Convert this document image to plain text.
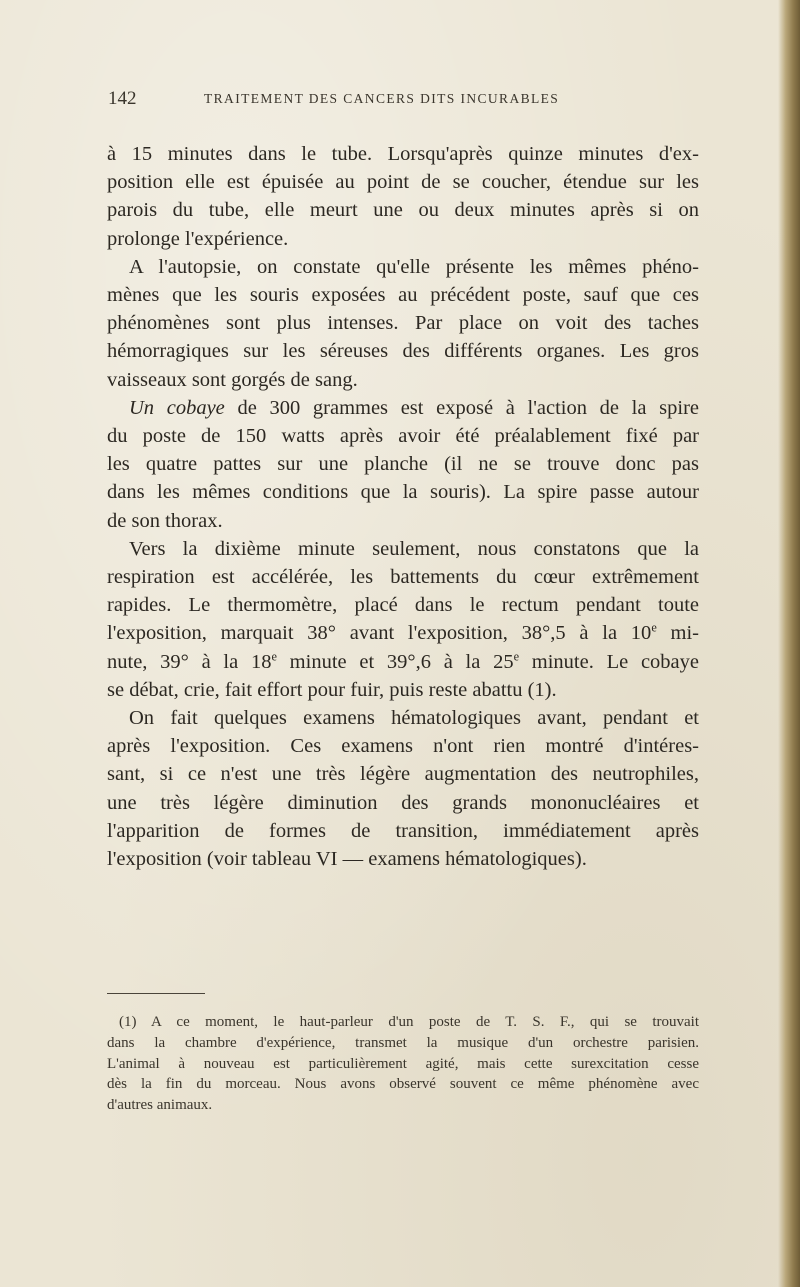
142	TRAITEMENT DES CANCERS DITS INCURABLES
à 15 minutes dans le tube. Lorsqu'après quinze minutes d'ex-
position elle est épuisée au point de se coucher, étendue sur les
parois du tube, elle meurt une ou deux minutes après si on
prolonge l'expérience.
A l'autopsie, on constate qu'elle présente les mêmes phéno-
mènes que les souris exposées au précédent poste, sauf que ces
phénomènes sont plus intenses. Par place on voit des taches
hémorragiques sur les séreuses des différents organes. Les gros
vaisseaux sont gorgés de sang.
Un cobaye de 300 grammes est exposé à l'action de la spire
du poste de 150 watts après avoir été préalablement fixé par
les quatre pattes sur une planche (il ne se trouve donc pas
dans les mêmes conditions que la souris). La spire passe autour
de son thorax.
Vers la dixième minute seulement, nous constatons que la
respiration est accélérée, les battements du cœur extrêmement
rapides. Le thermomètre, placé dans le rectum pendant toute
l'exposition, marquait 38° avant l'exposition, 38°,5 à la 10e mi-
nute, 39° à la 18e minute et 39°,6 à la 25e minute. Le cobaye
se débat, crie, fait effort pour fuir, puis reste abattu (1).
On fait quelques examens hématologiques avant, pendant et
après l'exposition. Ces examens n'ont rien montré d'intéres-
sant, si ce n'est une très légère augmentation des neutrophiles,
une très légère diminution des grands mononucléaires et
l'apparition de formes de transition, immédiatement après
l'exposition (voir tableau VI — examens hématologiques).
(1) A ce moment, le haut-parleur d'un poste de T. S. F., qui se trouvait
dans la chambre d'expérience, transmet la musique d'un orchestre parisien.
L'animal à nouveau est particulièrement agité, mais cette surexcitation cesse
dès la fin du morceau. Nous avons observé souvent ce même phénomène avec
d'autres animaux.
